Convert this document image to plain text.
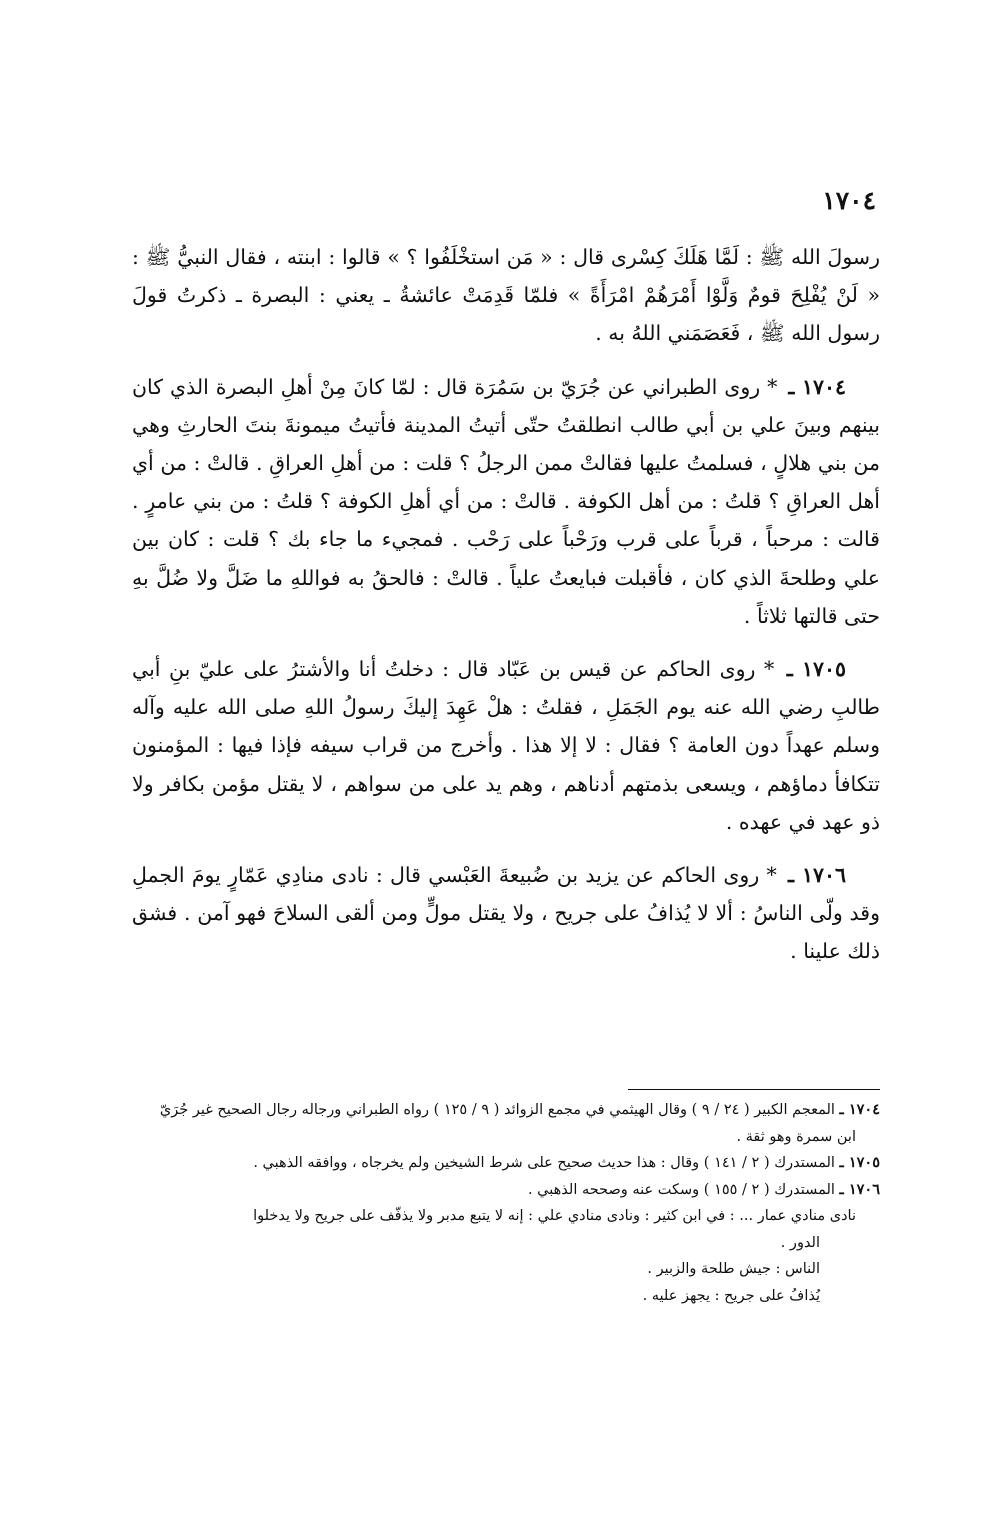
١٧٠٤

رسولَ الله ﷺ : لَمَّا هَلَكَ كِسْرى قال : « مَن استخْلَفُوا ؟ » قالوا : ابنته ، فقال النبيُّ ﷺ : « لَنْ يُفْلِحَ قومٌ وَلَّوْا أَمْرَهُمْ امْرَأَةً » فلمّا قَدِمَتْ عائشةُ ـ يعني : البصرة ـ ذكرتُ قولَ رسول الله ﷺ ، فَعَصَمَني اللهُ به .

١٧٠٤ ـ * روى الطبراني عن جُرَيّ بن سَمُرَة قال : لمّا كانَ مِنْ أهلِ البصرة الذي كان بينهم وبينَ علي بن أبي طالب انطلقتُ حتّى أتيتُ المدينة فأتيتُ ميمونةَ بنتَ الحارثِ وهي من بني هلالٍ ، فسلمتُ عليها فقالتْ ممن الرجلُ ؟ قلت : من أهلِ العراقِ . قالتْ : من أي أهل العراقِ ؟ قلتُ : من أهل الكوفة . قالتْ : من أي أهلِ الكوفة ؟ قلتُ : من بني عامرٍ . قالت : مرحباً ، قرباً على قرب ورَحْباً على رَحْب . فمجيء ما جاء بك ؟ قلت : كان بين علي وطلحةَ الذي كان ، فأقبلت فبايعتُ علياً . قالتْ : فالحقُ به فواللهِ ما ضَلَّ ولا ضُلَّ بهِ حتى قالتها ثلاثاً .

١٧٠٥ ـ * روى الحاكم عن قيس بن عَبّاد قال : دخلتُ أنا والأشترُ على عليّ بنِ أبي طالبِ رضي الله عنه يوم الجَمَلِ ، فقلتُ : هلْ عَهِدَ إليكَ رسولُ اللهِ صلى الله عليه وآله وسلم عهداً دون العامة ؟ فقال : لا إلا هذا . وأخرج من قراب سيفه فإذا فيها : المؤمنون تتكافأ دماؤهم ، ويسعى بذمتهم أدناهم ، وهم يد على من سواهم ، لا يقتل مؤمن بكافر ولا ذو عهد في عهده .

١٧٠٦ ـ * روى الحاكم عن يزيد بن ضُبيعةَ العَبْسي قال : نادى منادِي عَمّارٍ يومَ الجملِ وقد ولّى الناسُ : ألا لا يُذافُ على جريح ، ولا يقتل مولٍّ ومن ألقى السلاحَ فهو آمن . فشق ذلك علينا .

١٧٠٤ ـ المعجم الكبير ( ٢٤ / ٩ ) وقال الهيثمي في مجمع الزوائد ( ٩ / ١٢٥ ) رواه الطبراني ورجاله رجال الصحيح غير جُرَيّ

ابن سمرة وهو ثقة .

١٧٠٥ ـ المستدرك ( ٢ / ١٤١ ) وقال : هذا حديث صحيح على شرط الشيخين ولم يخرجاه ، ووافقه الذهبي .

١٧٠٦ ـ المستدرك ( ٢ / ١٥٥ ) وسكت عنه وصححه الذهبي .

نادى منادي عمار ... : في ابن كثير : ونادى منادي علي : إنه لا يتبع مدبر ولا يذفّف على جريح ولا يدخلوا

الدور .

الناس : جيش طلحة والزبير .

يُذافُ على جريح : يجهز عليه .
